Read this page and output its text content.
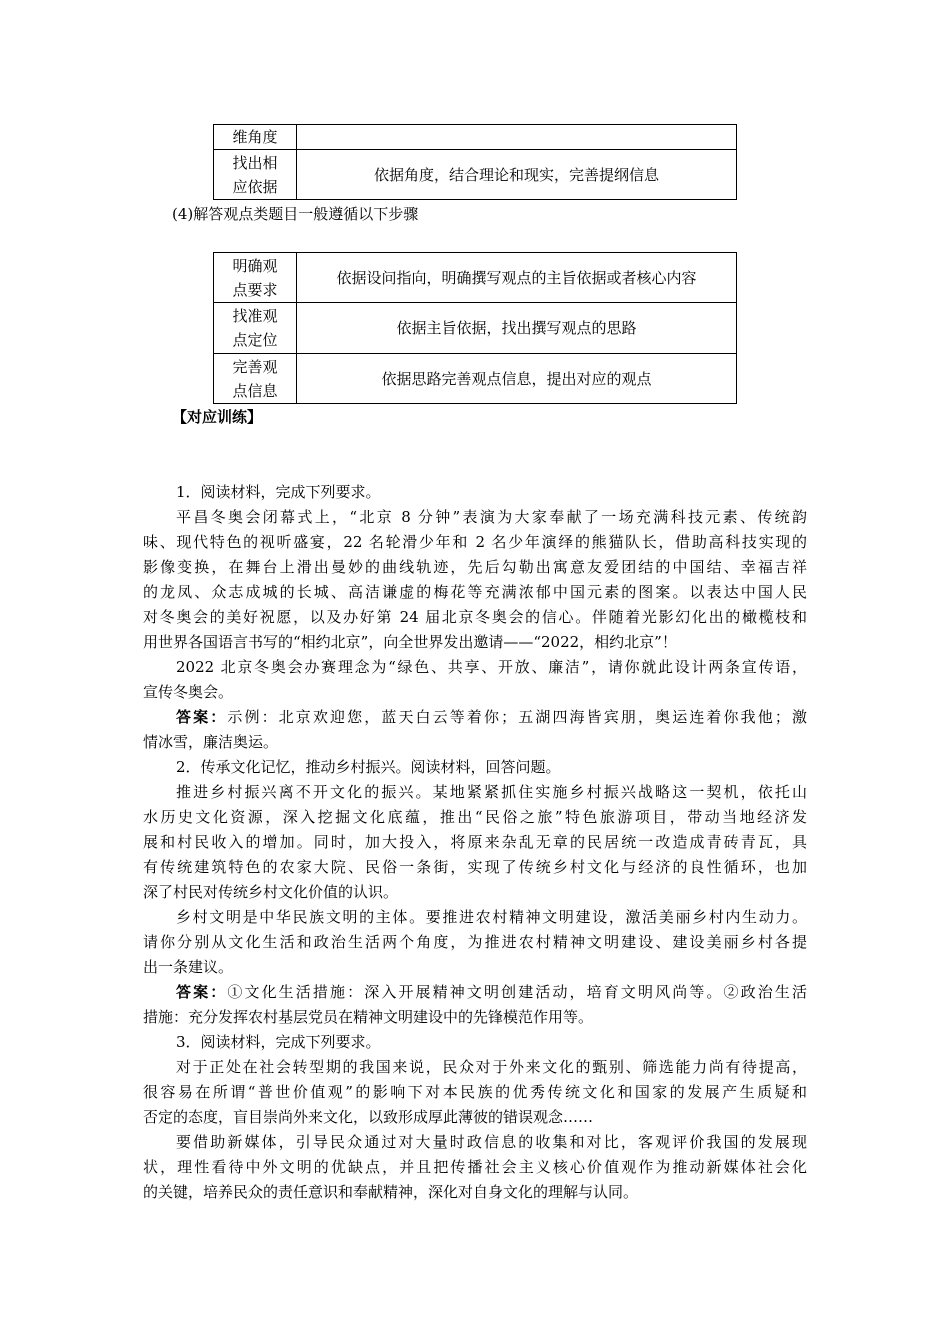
维角度	

找出相
应依据	依据角度，结合理论和现实，完善提纲信息
(4)解答观点类题目一般遵循以下步骤
明确观
点要求	依据设问指向，明确撰写观点的主旨依据或者核心内容

找准观
点定位	依据主旨依据，找出撰写观点的思路

完善观
点信息	依据思路完善观点信息，提出对应的观点
【对应训练】
1．阅读材料，完成下列要求。
平昌冬奥会闭幕式上，“北京 8 分钟”表演为大家奉献了一场充满科技元素、传统韵
味、现代特色的视听盛宴，22 名轮滑少年和 2 名少年演绎的熊猫队长，借助高科技实现的
影像变换，在舞台上滑出曼妙的曲线轨迹，先后勾勒出寓意友爱团结的中国结、幸福吉祥
的龙凤、众志成城的长城、高洁谦虚的梅花等充满浓郁中国元素的图案。以表达中国人民
对冬奥会的美好祝愿，以及办好第 24 届北京冬奥会的信心。伴随着光影幻化出的橄榄枝和
用世界各国语言书写的“相约北京”，向全世界发出邀请——“2022，相约北京”！
2022 北京冬奥会办赛理念为“绿色、共享、开放、廉洁”，请你就此设计两条宣传语，
宣传冬奥会。
答案：示例：北京欢迎您，蓝天白云等着你；五湖四海皆宾朋，奥运连着你我他；激
情冰雪，廉洁奥运。
2．传承文化记忆，推动乡村振兴。阅读材料，回答问题。
推进乡村振兴离不开文化的振兴。某地紧紧抓住实施乡村振兴战略这一契机，依托山
水历史文化资源，深入挖掘文化底蕴，推出“民俗之旅”特色旅游项目，带动当地经济发
展和村民收入的增加。同时，加大投入，将原来杂乱无章的民居统一改造成青砖青瓦，具
有传统建筑特色的农家大院、民俗一条街，实现了传统乡村文化与经济的良性循环，也加
深了村民对传统乡村文化价值的认识。
乡村文明是中华民族文明的主体。要推进农村精神文明建设，激活美丽乡村内生动力。
请你分别从文化生活和政治生活两个角度，为推进农村精神文明建设、建设美丽乡村各提
出一条建议。
答案：①文化生活措施：深入开展精神文明创建活动，培育文明风尚等。②政治生活
措施：充分发挥农村基层党员在精神文明建设中的先锋模范作用等。
3．阅读材料，完成下列要求。
对于正处在社会转型期的我国来说，民众对于外来文化的甄别、筛选能力尚有待提高，
很容易在所谓“普世价值观”的影响下对本民族的优秀传统文化和国家的发展产生质疑和
否定的态度，盲目崇尚外来文化，以致形成厚此薄彼的错误观念……
要借助新媒体，引导民众通过对大量时政信息的收集和对比，客观评价我国的发展现
状，理性看待中外文明的优缺点，并且把传播社会主义核心价值观作为推动新媒体社会化
的关键，培养民众的责任意识和奉献精神，深化对自身文化的理解与认同。
